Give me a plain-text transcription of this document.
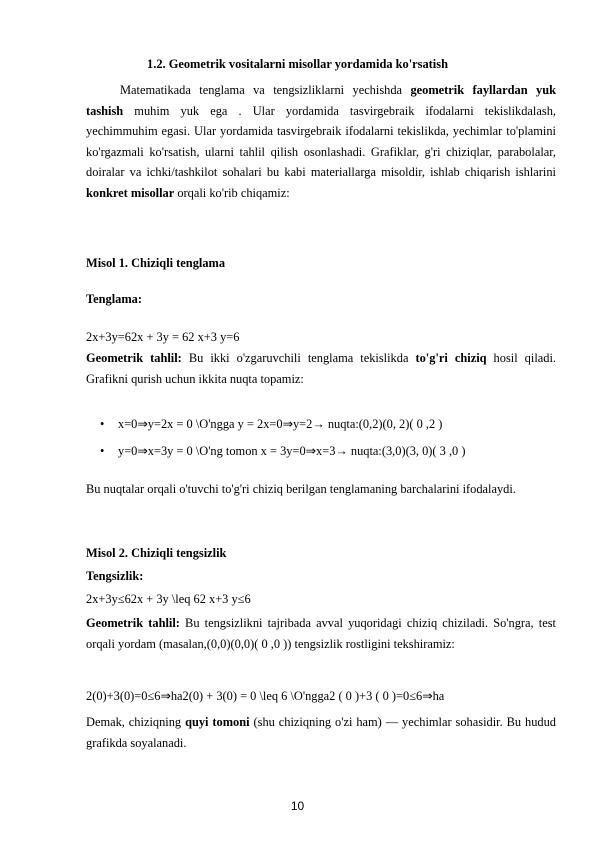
1.2. Geometrik vositalarni misollar yordamida ko'rsatish
Matematikada tenglama va tengsizliklarni yechishda geometrik fayllardan yuk tashish muhim yuk ega . Ular yordamida tasvirgebraik ifodalarni tekislikdalash, yechimmuhim egasi. Ular yordamida tasvirgebraik ifodalarni tekislikda, yechimlar to'plamini ko'rgazmali ko'rsatish, ularni tahlil qilish osonlashadi. Grafiklar, g'ri chiziqlar, parabolalar, doiralar va ichki/tashkilot sohalari bu kabi materiallarga misoldir, ishlab chiqarish ishlarini konkret misollar orqali ko'rib chiqamiz:
Misol 1. Chiziqli tenglama
Tenglama:
2x+3y=62x + 3y = 62 x+3 y=6
Geometrik tahlil: Bu ikki o'zgaruvchili tenglama tekislikda to'g'ri chiziq hosil qiladi. Grafikni qurish uchun ikkita nuqta topamiz:
• x=0⇒y=2x = 0 \O'ngga y = 2x=0⇒y=2→ nuqta:(0,2)(0, 2)( 0 ,2 )
• y=0⇒x=3y = 0 \O'ng tomon x = 3y=0⇒x=3→ nuqta:(3,0)(3, 0)( 3 ,0 )
Bu nuqtalar orqali o'tuvchi to'g'ri chiziq berilgan tenglamaning barchalarini ifodalaydi.
Misol 2. Chiziqli tengsizlik
Tengsizlik:
2x+3y≤62x + 3y \leq 62 x+3 y≤6
Geometrik tahlil: Bu tengsizlikni tajribada avval yuqoridagi chiziq chiziladi. So'ngra, test orqali yordam (masalan,(0,0)(0,0)( 0 ,0 )) tengsizlik rostligini tekshiramiz:
2(0)+3(0)=0≤6⇒ha2(0) + 3(0) = 0 \leq 6 \O'ngga2 ( 0 )+3 ( 0 )=0≤6⇒ha
Demak, chiziqning quyi tomoni (shu chiziqning o'zi ham) — yechimlar sohasidir. Bu hudud grafikda soyalanadi.
10
